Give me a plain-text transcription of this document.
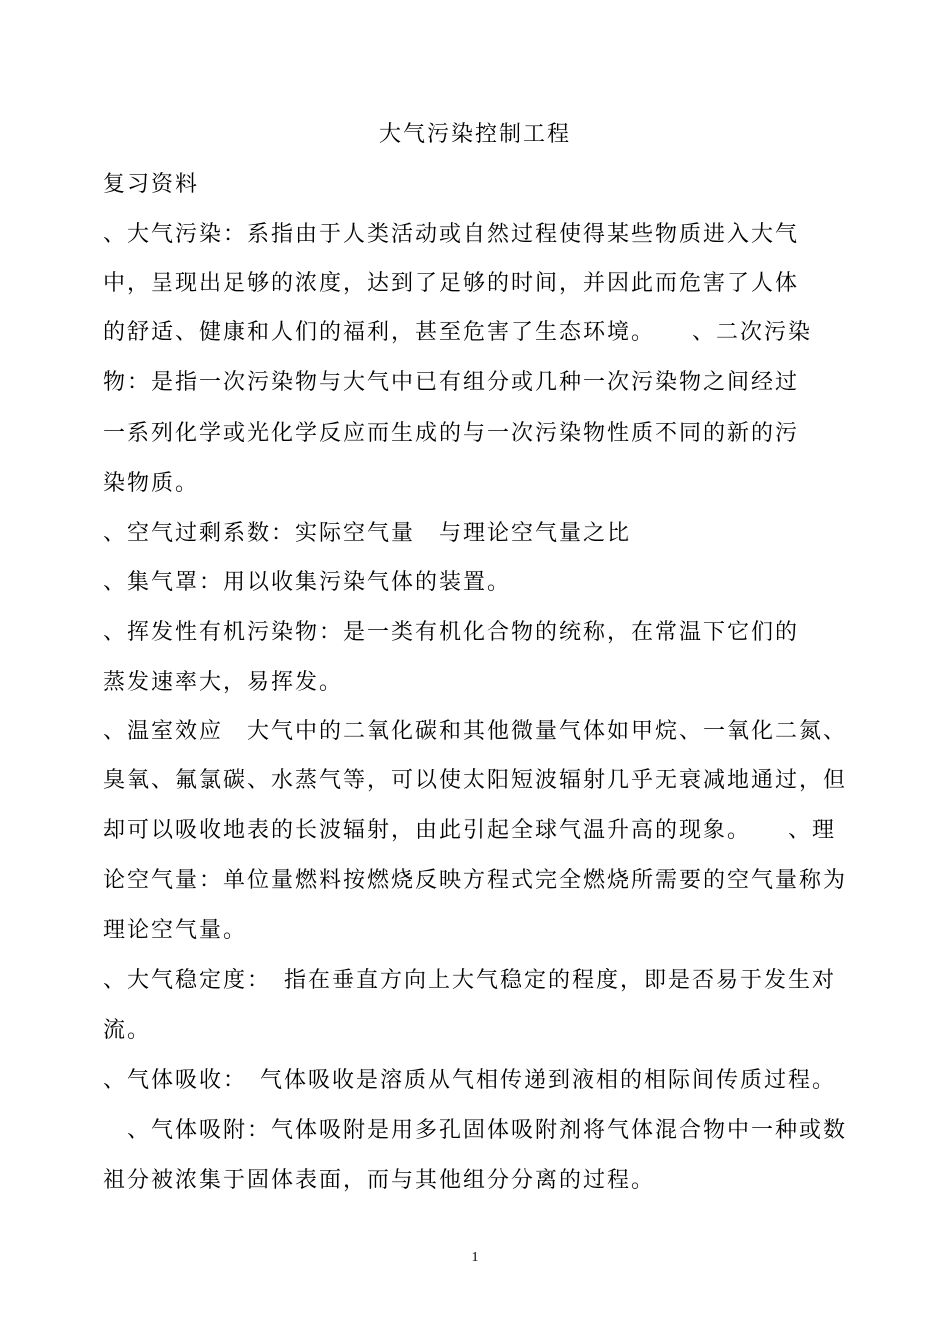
大气污染控制工程
复习资料
、大气污染：系指由于人类活动或自然过程使得某些物质进入大气
中，呈现出足够的浓度，达到了足够的时间，并因此而危害了人体
的舒适、健康和人们的福利，甚至危害了生态环境。　　、二次污染
物：是指一次污染物与大气中已有组分或几种一次污染物之间经过
一系列化学或光化学反应而生成的与一次污染物性质不同的新的污
染物质。
、空气过剩系数：实际空气量　与理论空气量之比
、集气罩：用以收集污染气体的装置。
、挥发性有机污染物：是一类有机化合物的统称，在常温下它们的
蒸发速率大，易挥发。
、温室效应　大气中的二氧化碳和其他微量气体如甲烷、一氧化二氮、
臭氧、氟氯碳、水蒸气等，可以使太阳短波辐射几乎无衰减地通过，但
却可以吸收地表的长波辐射，由此引起全球气温升高的现象。　　、理
论空气量：单位量燃料按燃烧反映方程式完全燃烧所需要的空气量称为
理论空气量。
、大气稳定度：　指在垂直方向上大气稳定的程度，即是否易于发生对
流。
、气体吸收：　气体吸收是溶质从气相传递到液相的相际间传质过程。
　、气体吸附：气体吸附是用多孔固体吸附剂将气体混合物中一种或数
祖分被浓集于固体表面，而与其他组分分离的过程。
1
